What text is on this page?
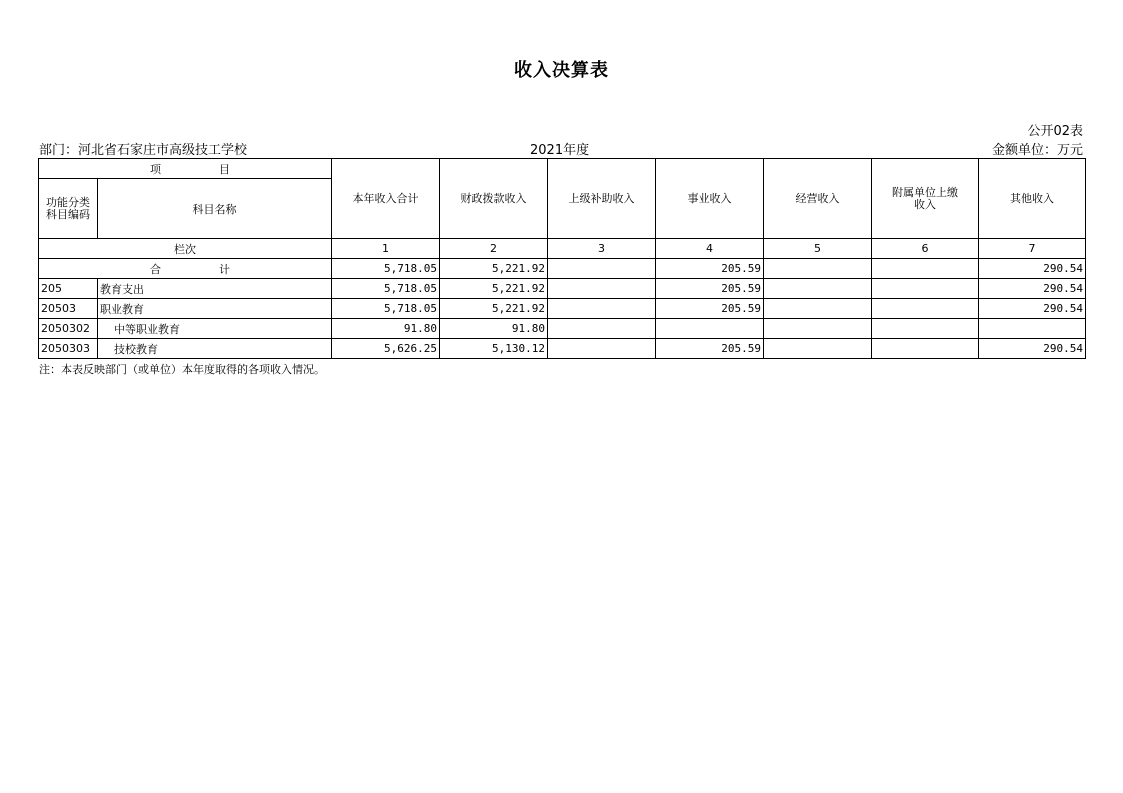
收入决算表
公开02表
部门：河北省石家庄市高级技工学校	2021年度	金额单位：万元
项 目		本年收入合计	财政拨款收入	上级补助收入	事业收入	经营收入	附属单位上缴收入	其他收入
功能分类科目编码	科目名称							
栏次		1	2	3	4	5	6	7

合 计		5,718.05	5,221.92		205.59			290.54
205	教育支出	5,718.05	5,221.92		205.59			290.54
20503	职业教育	5,718.05	5,221.92		205.59			290.54
2050302	中等职业教育	91.80	91.80					
2050303	技校教育	5,626.25	5,130.12		205.59			290.54
注：本表反映部门（或单位）本年度取得的各项收入情况。
